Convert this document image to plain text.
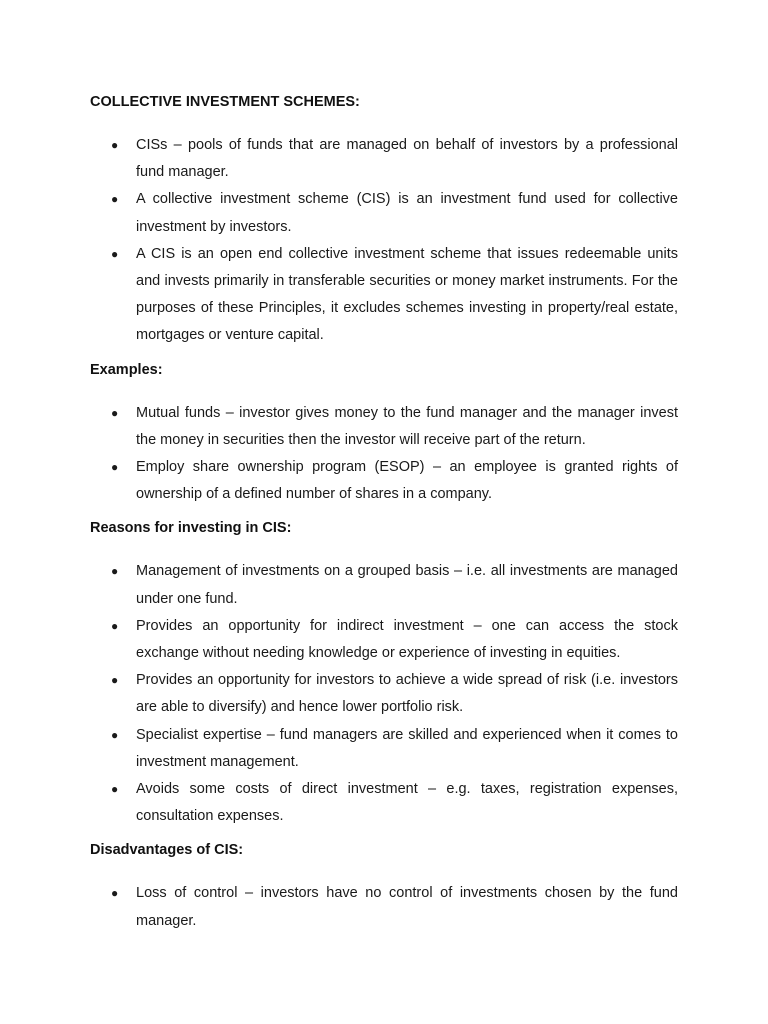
COLLECTIVE INVESTMENT SCHEMES:
● CISs – pools of funds that are managed on behalf of investors by a professional fund manager.
● A collective investment scheme (CIS) is an investment fund used for collective investment by investors.
● A CIS is an open end collective investment scheme that issues redeemable units and invests primarily in transferable securities or money market instruments. For the purposes of these Principles, it excludes schemes investing in property/real estate, mortgages or venture capital.
Examples:
● Mutual funds – investor gives money to the fund manager and the manager invest the money in securities then the investor will receive part of the return.
● Employ share ownership program (ESOP) – an employee is granted rights of ownership of a defined number of shares in a company.
Reasons for investing in CIS:
● Management of investments on a grouped basis – i.e. all investments are managed under one fund.
● Provides an opportunity for indirect investment – one can access the stock exchange without needing knowledge or experience of investing in equities.
● Provides an opportunity for investors to achieve a wide spread of risk (i.e. investors are able to diversify) and hence lower portfolio risk.
● Specialist expertise – fund managers are skilled and experienced when it comes to investment management.
● Avoids some costs of direct investment – e.g. taxes, registration expenses, consultation expenses.
Disadvantages of CIS:
● Loss of control – investors have no control of investments chosen by the fund manager.
